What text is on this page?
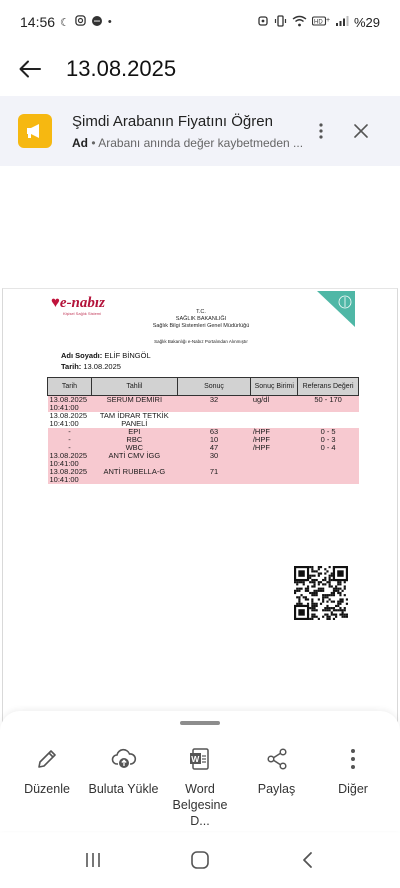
14:56 ☾	•	HD + %29
13.08.2025
Şimdi Arabanın Fiyatını Öğren
Ad • Arabanı anında değer kaybetmeden ...
♥e-nabız
Kişisel Sağlık Sistemi	T.C.
SAĞLIK BAKANLIĞI
Sağlık Bilgi Sistemleri Genel Müdürlüğü
Sağlık Bakanlığı e-Nabız Portalından Alınmıştır
Adı Soyadı: ELİF BİNGÖL
Tarih: 13.08.2025
Tarih	Tahlil	Sonuç	Sonuç Birimi	Referans Değeri
13.08.2025 10:41:00	SERUM DEMİRİ	32	ug/dl	50 - 170
13.08.2025 10:41:00	TAM İDRAR TETKİK PANELİ			
-	EPI	63	/HPF	0 - 5
-	RBC	10	/HPF	0 - 3
-	WBC	47	/HPF	0 - 4
13.08.2025 10:41:00	ANTİ CMV İGG	30		
13.08.2025 10:41:00	ANTİ RUBELLA-G	71		
Düzenle Buluta Yükle
W
Word Belgesine D...
Paylaş	Diğer
